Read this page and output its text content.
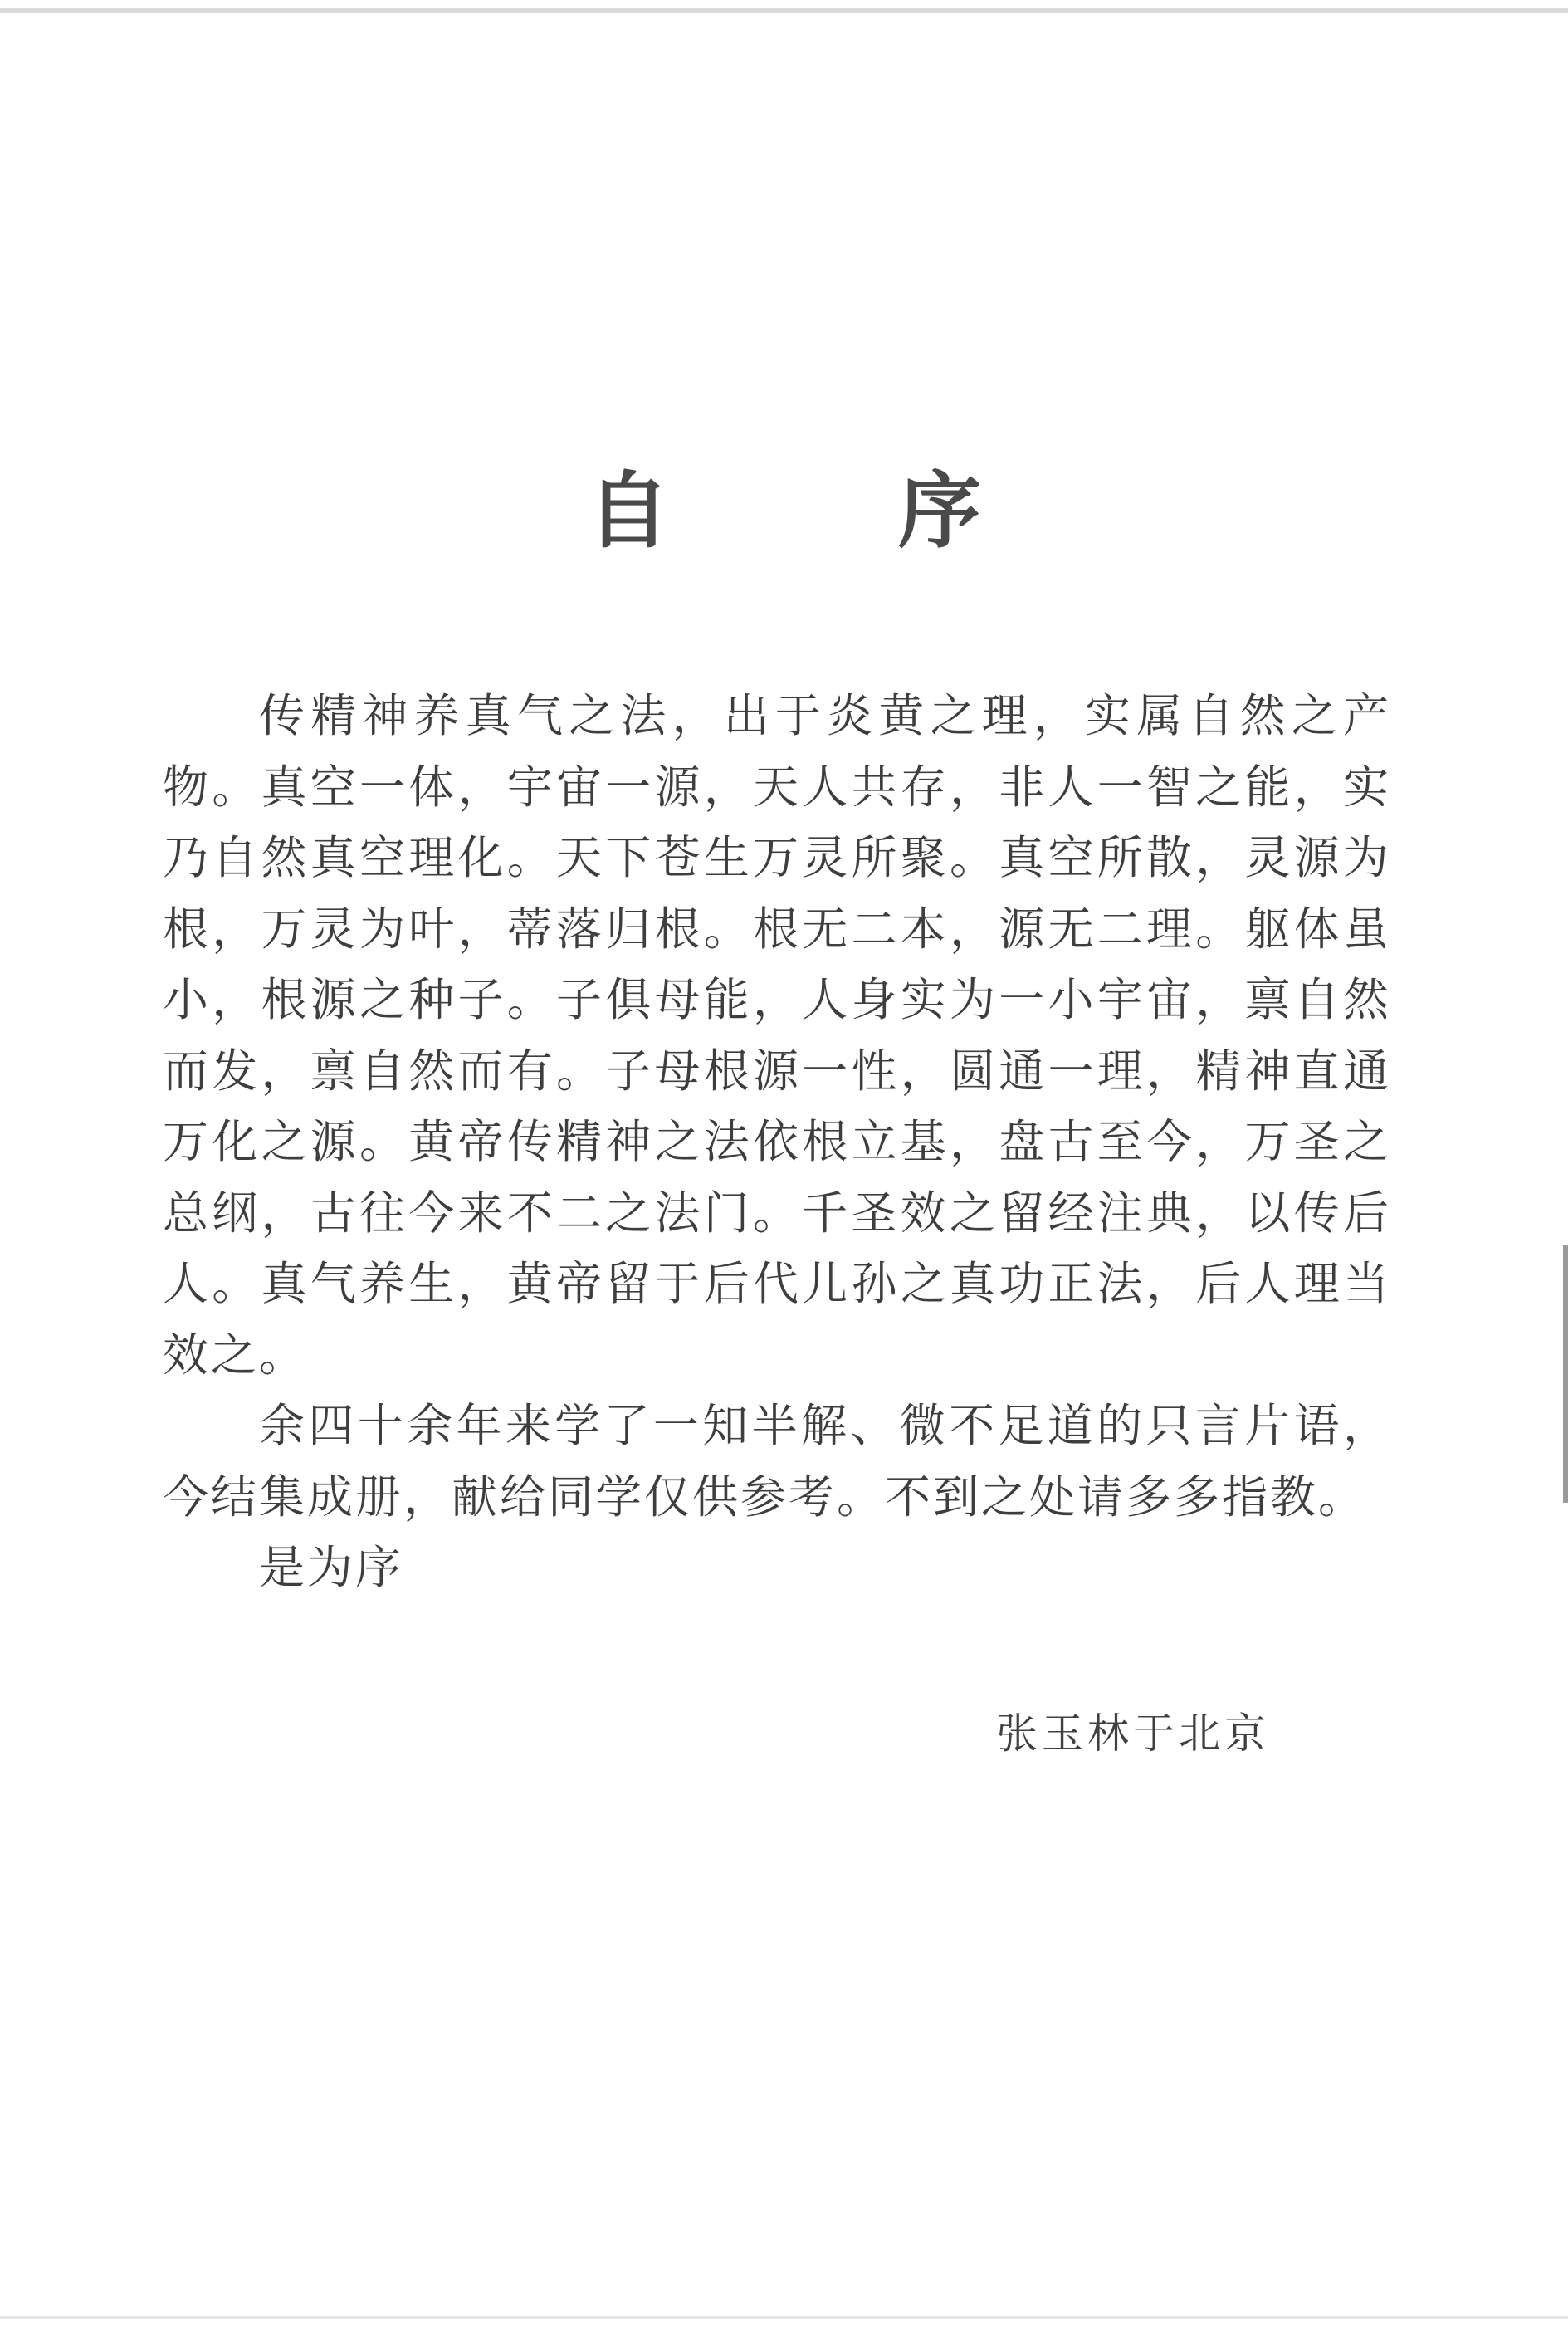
自 序

传精神养真气之法，出于炎黄之理，实属自然之产物。真空一体，宇宙一源，天人共存，非人一智之能，实乃自然真空理化。天下苍生万灵所聚。真空所散，灵源为根，万灵为叶，蒂落归根。根无二本，源无二理。躯体虽小，根源之种子。子俱母能，人身实为一小宇宙，禀自然而发，禀自然而有。子母根源一性，圆通一理，精神直通万化之源。黄帝传精神之法依根立基，盘古至今，万圣之总纲，古往今来不二之法门。千圣效之留经注典，以传后人。真气养生，黄帝留于后代儿孙之真功正法，后人理当效之。

余四十余年来学了一知半解、微不足道的只言片语，今结集成册，献给同学仅供参考。不到之处请多多指教。

是为序

张玉林于北京
